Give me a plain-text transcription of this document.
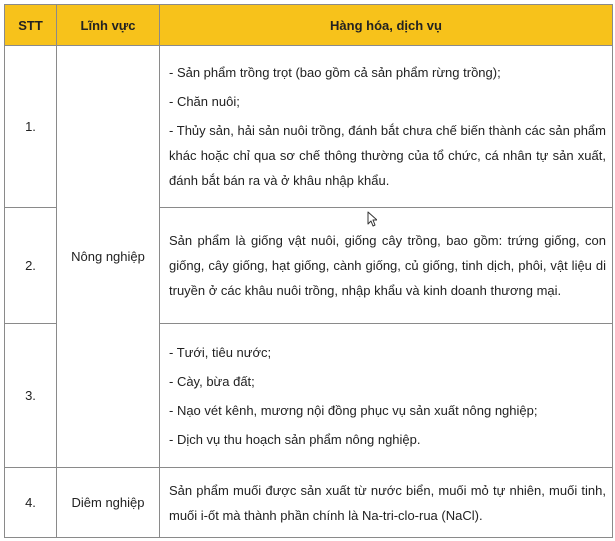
STT	Lĩnh vực	Hàng hóa, dịch vụ
1.	Nông nghiệp	- Sản phẩm trồng trọt (bao gồm cả sản phẩm rừng trồng);

- Chăn nuôi;

- Thủy sản, hải sản nuôi trồng, đánh bắt chưa chế biến thành các sản phẩm khác hoặc chỉ qua sơ chế thông thường của tổ chức, cá nhân tự sản xuất, đánh bắt bán ra và ở khâu nhập khẩu.

2.		Sản phẩm là giống vật nuôi, giống cây trồng, bao gồm: trứng giống, con giống, cây giống, hạt giống, cành giống, củ giống, tinh dịch, phôi, vật liệu di truyền ở các khâu nuôi trồng, nhập khẩu và kinh doanh thương mại.
3.		- Tưới, tiêu nước;

- Cày, bừa đất;

- Nạo vét kênh, mương nội đồng phục vụ sản xuất nông nghiệp;

- Dịch vụ thu hoạch sản phẩm nông nghiệp.

4.	Diêm nghiệp	Sản phẩm muối được sản xuất từ nước biển, muối mỏ tự nhiên, muối tinh, muối i-ốt mà thành phần chính là Na-tri-clo-rua (NaCl).
